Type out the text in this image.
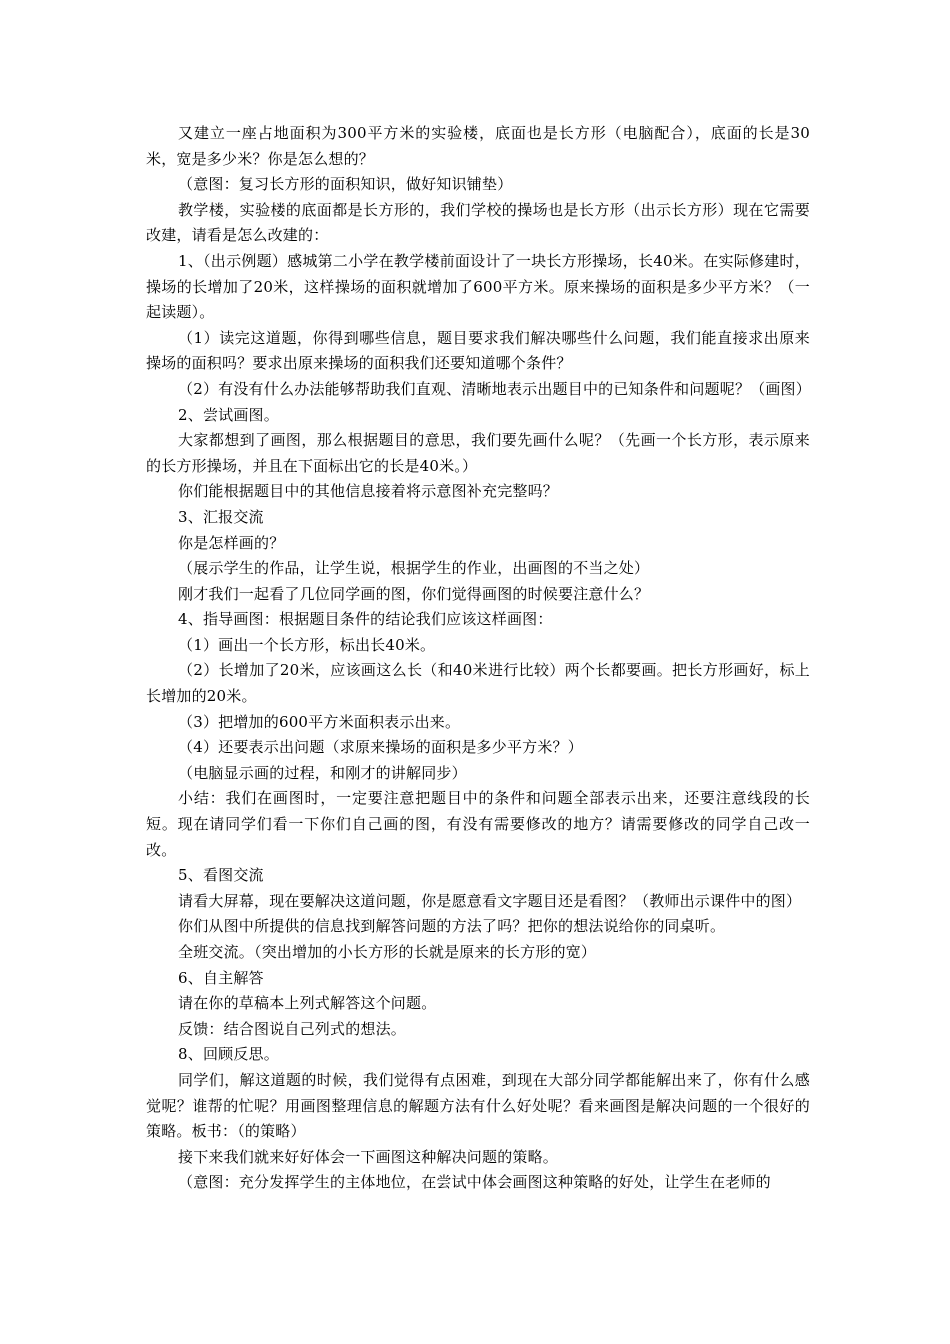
又建立一座占地面积为300平方米的实验楼，底面也是长方形（电脑配合），底面的长是30米，宽是多少米？你是怎么想的？

（意图：复习长方形的面积知识，做好知识铺垫）

教学楼，实验楼的底面都是长方形的，我们学校的操场也是长方形（出示长方形）现在它需要改建，请看是怎么改建的：

1、（出示例题）感城第二小学在教学楼前面设计了一块长方形操场，长40米。在实际修建时，操场的长增加了20米，这样操场的面积就增加了600平方米。原来操场的面积是多少平方米？（一起读题）。

（1）读完这道题，你得到哪些信息，题目要求我们解决哪些什么问题，我们能直接求出原来操场的面积吗？要求出原来操场的面积我们还要知道哪个条件？

（2）有没有什么办法能够帮助我们直观、清晰地表示出题目中的已知条件和问题呢？（画图）

2、尝试画图。

大家都想到了画图，那么根据题目的意思，我们要先画什么呢？（先画一个长方形，表示原来的长方形操场，并且在下面标出它的长是40米。）

你们能根据题目中的其他信息接着将示意图补充完整吗？

3、汇报交流

你是怎样画的？

（展示学生的作品，让学生说，根据学生的作业，出画图的不当之处）

刚才我们一起看了几位同学画的图，你们觉得画图的时候要注意什么？

4、指导画图：根据题目条件的结论我们应该这样画图：

（1）画出一个长方形，标出长40米。

（2）长增加了20米，应该画这么长（和40米进行比较）两个长都要画。把长方形画好，标上长增加的20米。

（3）把增加的600平方米面积表示出来。

（4）还要表示出问题（求原来操场的面积是多少平方米？）

（电脑显示画的过程，和刚才的讲解同步）

小结：我们在画图时，一定要注意把题目中的条件和问题全部表示出来，还要注意线段的长短。现在请同学们看一下你们自己画的图，有没有需要修改的地方？请需要修改的同学自己改一改。

5、看图交流

请看大屏幕，现在要解决这道问题，你是愿意看文字题目还是看图？（教师出示课件中的图）

你们从图中所提供的信息找到解答问题的方法了吗？把你的想法说给你的同桌听。

全班交流。（突出增加的小长方形的长就是原来的长方形的宽）

6、自主解答

请在你的草稿本上列式解答这个问题。

反馈：结合图说自己列式的想法。

8、回顾反思。

同学们，解这道题的时候，我们觉得有点困难，到现在大部分同学都能解出来了，你有什么感觉呢？谁帮的忙呢？用画图整理信息的解题方法有什么好处呢？看来画图是解决问题的一个很好的策略。板书：（的策略）

接下来我们就来好好体会一下画图这种解决问题的策略。

（意图：充分发挥学生的主体地位，在尝试中体会画图这种策略的好处，让学生在老师的
